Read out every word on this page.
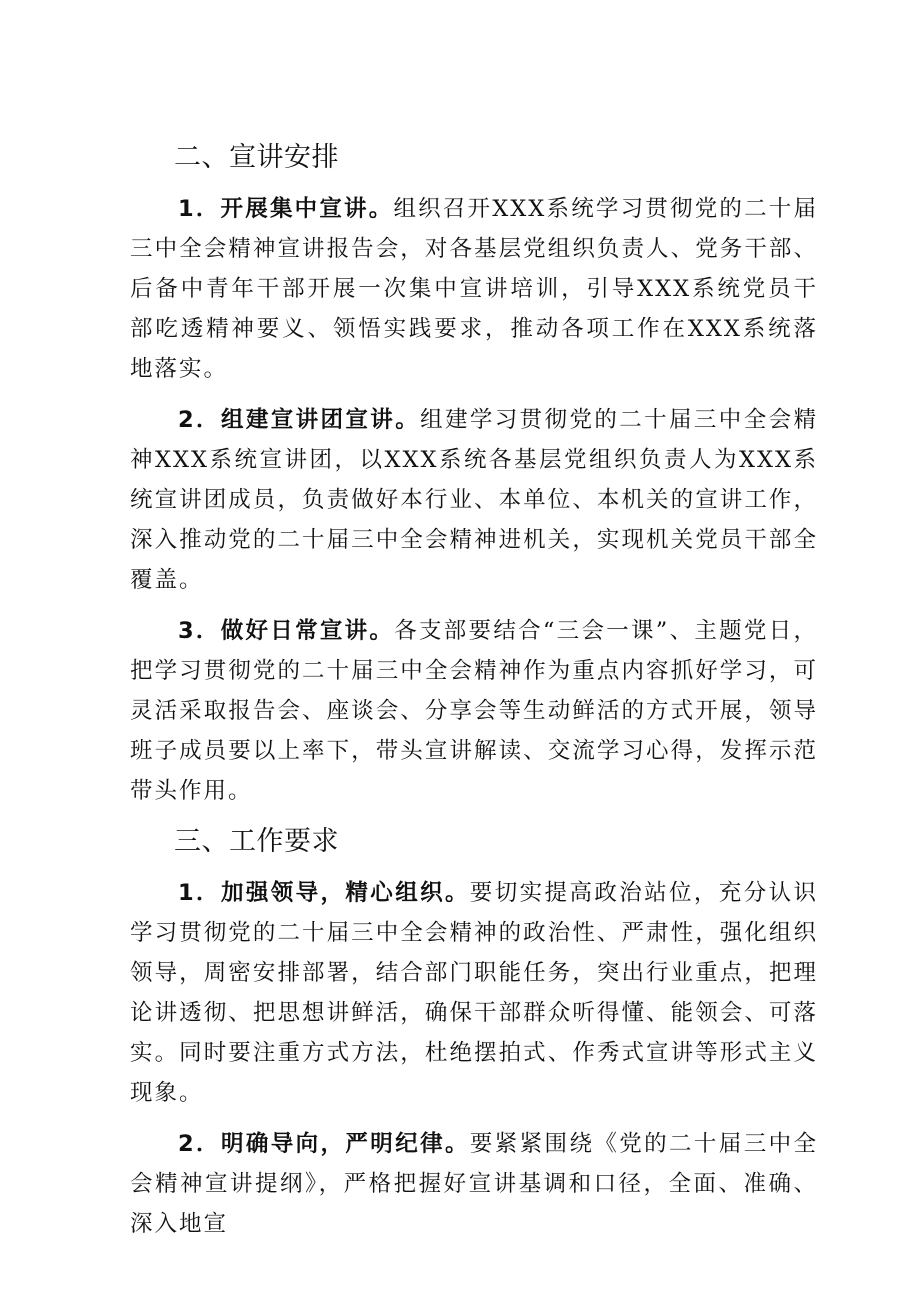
二、宣讲安排

1．开展集中宣讲。组织召开XXX系统学习贯彻党的二十届三中全会精神宣讲报告会，对各基层党组织负责人、党务干部、后备中青年干部开展一次集中宣讲培训，引导XXX系统党员干部吃透精神要义、领悟实践要求，推动各项工作在XXX系统落地落实。

2．组建宣讲团宣讲。组建学习贯彻党的二十届三中全会精神XXX系统宣讲团，以XXX系统各基层党组织负责人为XXX系统宣讲团成员，负责做好本行业、本单位、本机关的宣讲工作，深入推动党的二十届三中全会精神进机关，实现机关党员干部全覆盖。

3．做好日常宣讲。各支部要结合“三会一课”、主题党日，把学习贯彻党的二十届三中全会精神作为重点内容抓好学习，可灵活采取报告会、座谈会、分享会等生动鲜活的方式开展，领导班子成员要以上率下，带头宣讲解读、交流学习心得，发挥示范带头作用。

三、工作要求

1．加强领导，精心组织。要切实提高政治站位，充分认识学习贯彻党的二十届三中全会精神的政治性、严肃性，强化组织领导，周密安排部署，结合部门职能任务，突出行业重点，把理论讲透彻、把思想讲鲜活，确保干部群众听得懂、能领会、可落实。同时要注重方式方法，杜绝摆拍式、作秀式宣讲等形式主义现象。

2．明确导向，严明纪律。要紧紧围绕《党的二十届三中全会精神宣讲提纲》，严格把握好宣讲基调和口径，全面、准确、深入地宣
